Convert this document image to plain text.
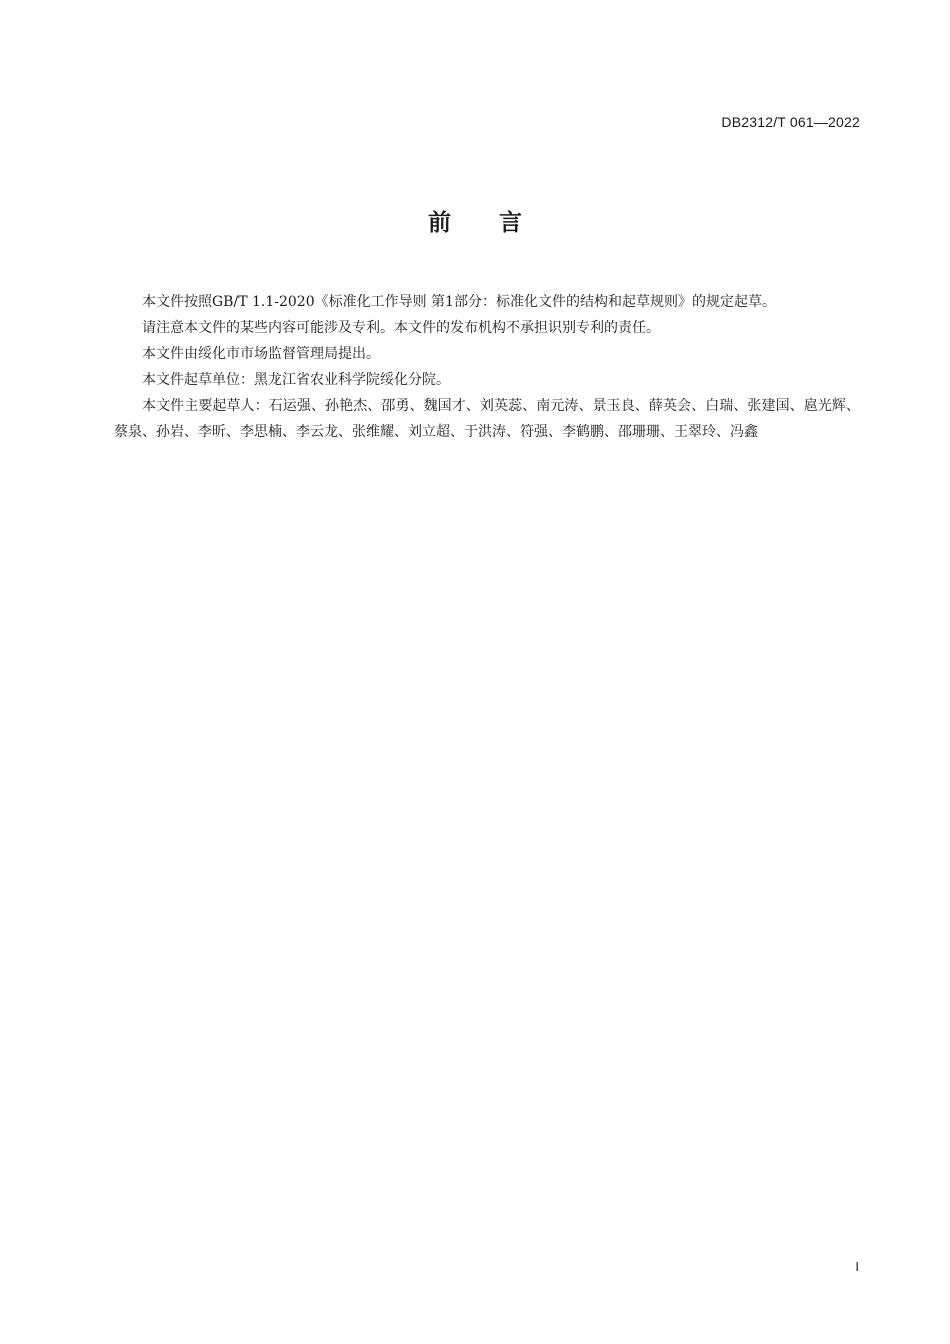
DB2312/T 061—2022
前 言

本文件按照GB/T 1.1-2020《标准化工作导则 第1部分：标准化文件的结构和起草规则》的规定起草。

请注意本文件的某些内容可能涉及专利。本文件的发布机构不承担识别专利的责任。

本文件由绥化市市场监督管理局提出。

本文件起草单位：黑龙江省农业科学院绥化分院。

本文件主要起草人：石运强、孙艳杰、邵勇、魏国才、刘英蕊、南元涛、景玉良、薛英会、白瑞、张建国、扈光辉、蔡泉、孙岩、李昕、李思楠、李云龙、张维耀、刘立超、于洪涛、符强、李鹤鹏、邵珊珊、王翠玲、冯鑫

I
